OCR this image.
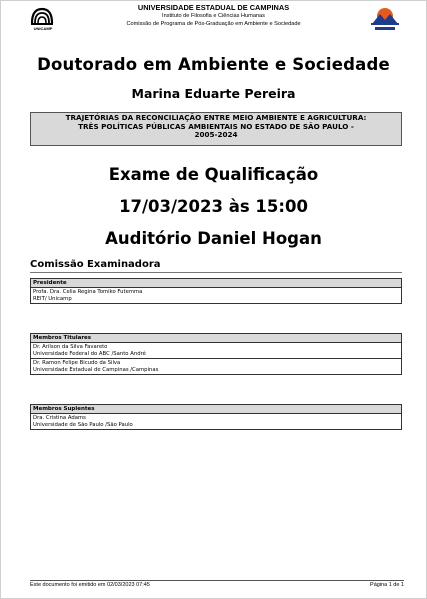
UNICAMP
UNIVERSIDADE ESTADUAL DE CAMPINAS
Instituto de Filosofia e Ciências Humanas
Comissão de Programa de Pós-Graduação em Ambiente e Sociedade
Doutorado em Ambiente e Sociedade
Marina Eduarte Pereira
TRAJETÓRIAS DA RECONCILIAÇÃO ENTRE MEIO AMBIENTE E AGRICULTURA:
TRÊS POLÍTICAS PÚBLICAS AMBIENTAIS NO ESTADO DE SÃO PAULO -
2005-2024
Exame de Qualificação
17/03/2023 às 15:00
Auditório Daniel Hogan
Comissão Examinadora
Presidente
Profa. Dra. Celia Regina Tomiko Futemma
REIT/ Unicamp
Membros Titulares
Dr. Arilson da Silva Favareto
Universidade Federal do ABC /Santo André
Dr. Ramon Felipe Bicudo da Silva
Universidade Estadual de Campinas /Campinas
Membros Suplentes
Dra. Cristina Adams
Universidade de São Paulo /São Paulo
Este documento foi emitido em 02/03/2023 07:45	Página 1 de 1
